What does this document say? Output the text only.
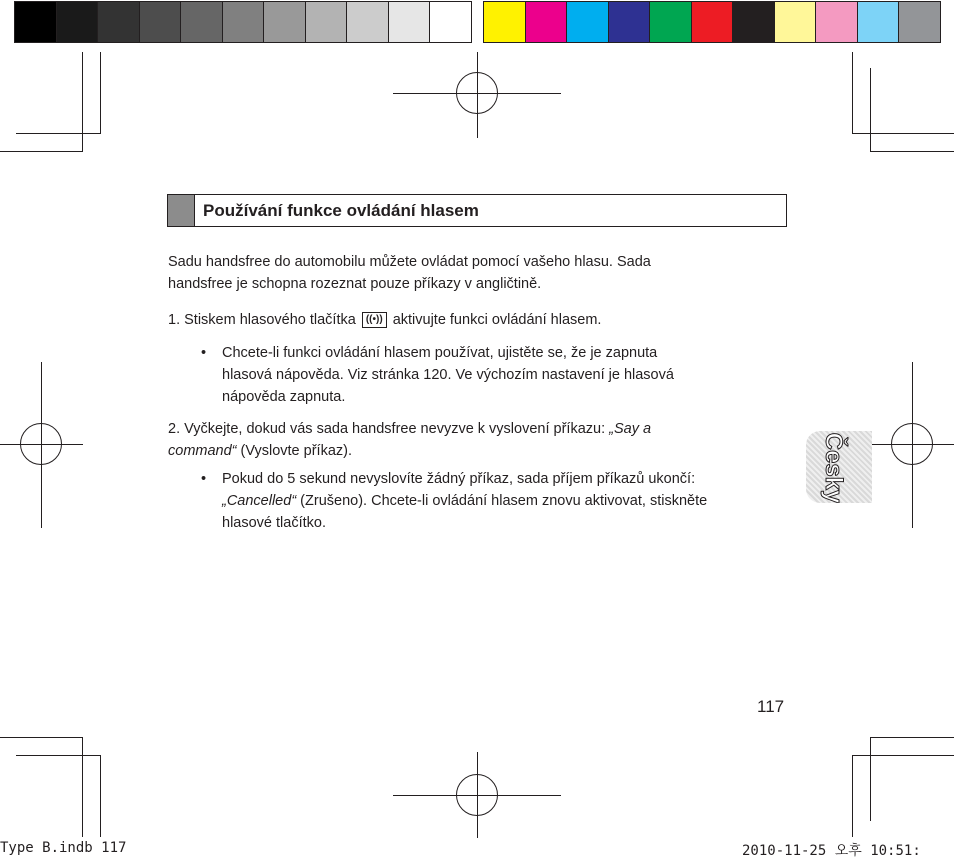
Používání funkce ovládání hlasem

Sadu handsfree do automobilu můžete ovládat pomocí vašeho hlasu. Sada
handsfree je schopna rozeznat pouze příkazy v angličtině.

1. Stiskem hlasového tlačítka ((•)) aktivujte funkci ovládání hlasem.

• Chcete-li funkci ovládání hlasem používat, ujistěte se, že je zapnuta
hlasová nápověda. Viz stránka 120. Ve výchozím nastavení je hlasová
nápověda zapnuta.

2. Vyčkejte, dokud vás sada handsfree nevyzve k vyslovení příkazu: „Say a
command“ (Vyslovte příkaz).

• Pokud do 5 sekund nevyslovíte žádný příkaz, sada příjem příkazů ukončí:
„Cancelled“ (Zrušeno). Chcete-li ovládání hlasem znovu aktivovat, stiskněte
hlasové tlačítko.

Česky
117
Type B.indb 117	2010-11-25 오후 10:51:
